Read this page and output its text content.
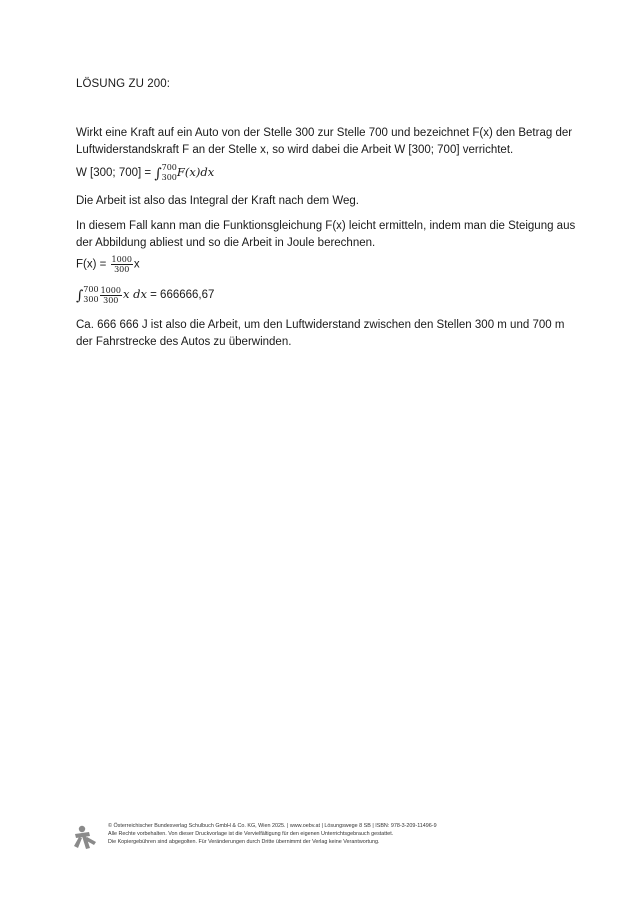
LÖSUNG ZU 200:
Wirkt eine Kraft auf ein Auto von der Stelle 300 zur Stelle 700 und bezeichnet F(x) den Betrag der Luftwiderstandskraft F an der Stelle x, so wird dabei die Arbeit W [300; 700] verrichtet.
W [300; 700] = ∫ 700
300 F(x)dx
Die Arbeit ist also das Integral der Kraft nach dem Weg.
In diesem Fall kann man die Funktionsgleichung F(x) leicht ermitteln, indem man die Steigung aus der Abbildung abliest und so die Arbeit in Joule berechnen.
$F(x) = \frac{1000}{300}$ x
∫ 700
$300 \frac{1000}{300}$ x dx = 666666,67
Ca. 666 666 J ist also die Arbeit, um den Luftwiderstand zwischen den Stellen 300 m und 700 m der Fahrstrecke des Autos zu überwinden.
© Österreichischer Bundesverlag Schulbuch GmbH & Co. KG, Wien 2025. | www.oebv.at | Lösungswege 8 SB | ISBN: 978-3-209-11496-9
Alle Rechte vorbehalten. Von dieser Druckvorlage ist die Vervielfältigung für den eigenen Unterrichtsgebrauch gestattet.
Die Kopiergebühren sind abgegolten. Für Veränderungen durch Dritte übernimmt der Verlag keine Verantwortung.
